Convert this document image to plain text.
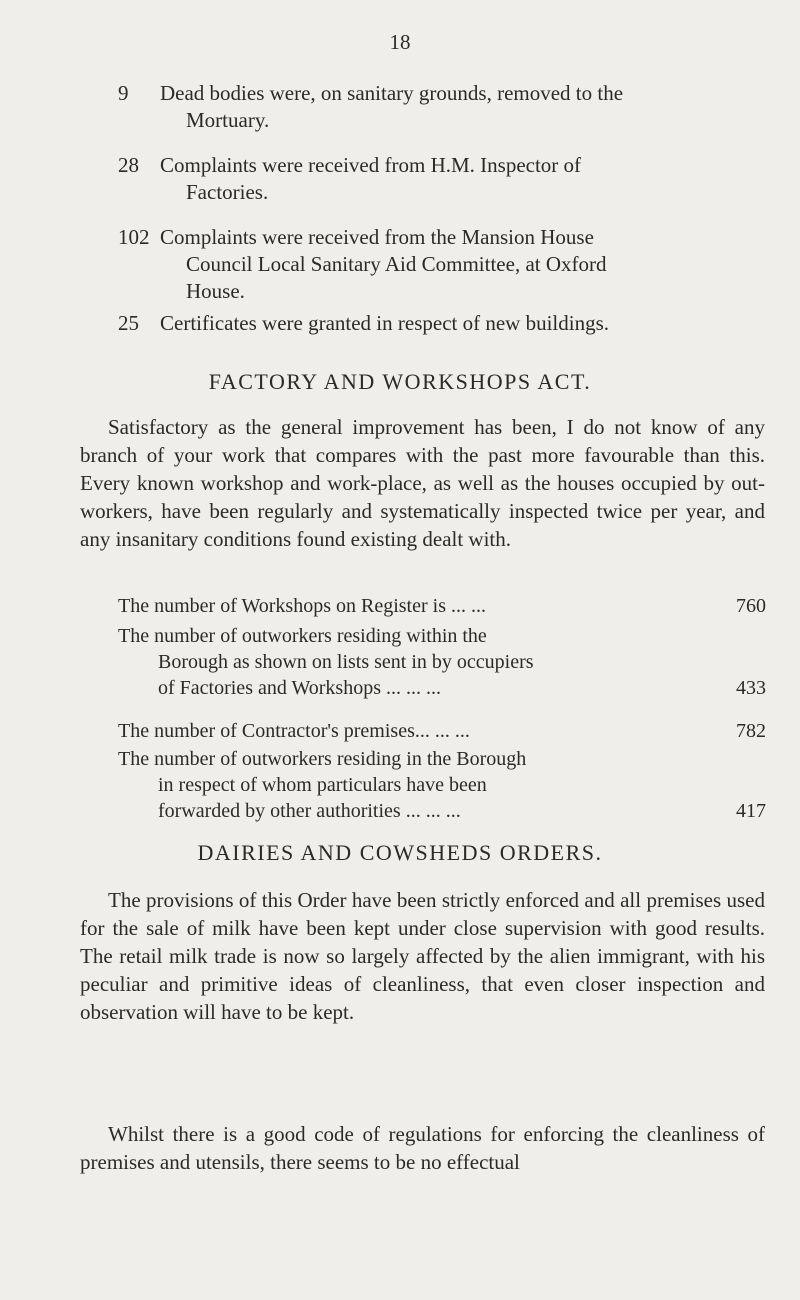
18
9	Dead bodies were, on sanitary grounds, removed to the
Mortuary.
28	Complaints were received from H.M. Inspector of
Factories.
102 Complaints were received from the Mansion House
Council Local Sanitary Aid Committee, at Oxford
House.
25	Certificates were granted in respect of new buildings.
FACTORY AND WORKSHOPS ACT.
Satisfactory as the general improvement has been, I do not know of any branch of your work that compares with the past more favourable than this. Every known workshop and work-place, as well as the houses occupied by out-workers, have been regularly and systematically inspected twice per year, and any insanitary conditions found existing dealt with.
The number of Workshops on Register is ... ...	760
The number of outworkers residing within the
Borough as shown on lists sent in by occupiers
of Factories and Workshops ... ... ...	433
The number of Contractor's premises... ... ...	782
The number of outworkers residing in the Borough
in respect of whom particulars have been
forwarded by other authorities ... ... ...	417
DAIRIES AND COWSHEDS ORDERS.
The provisions of this Order have been strictly enforced and all premises used for the sale of milk have been kept under close supervision with good results. The retail milk trade is now so largely affected by the alien immigrant, with his peculiar and primitive ideas of cleanliness, that even closer inspection and observation will have to be kept.
Whilst there is a good code of regulations for enforcing the cleanliness of premises and utensils, there seems to be no effectual
